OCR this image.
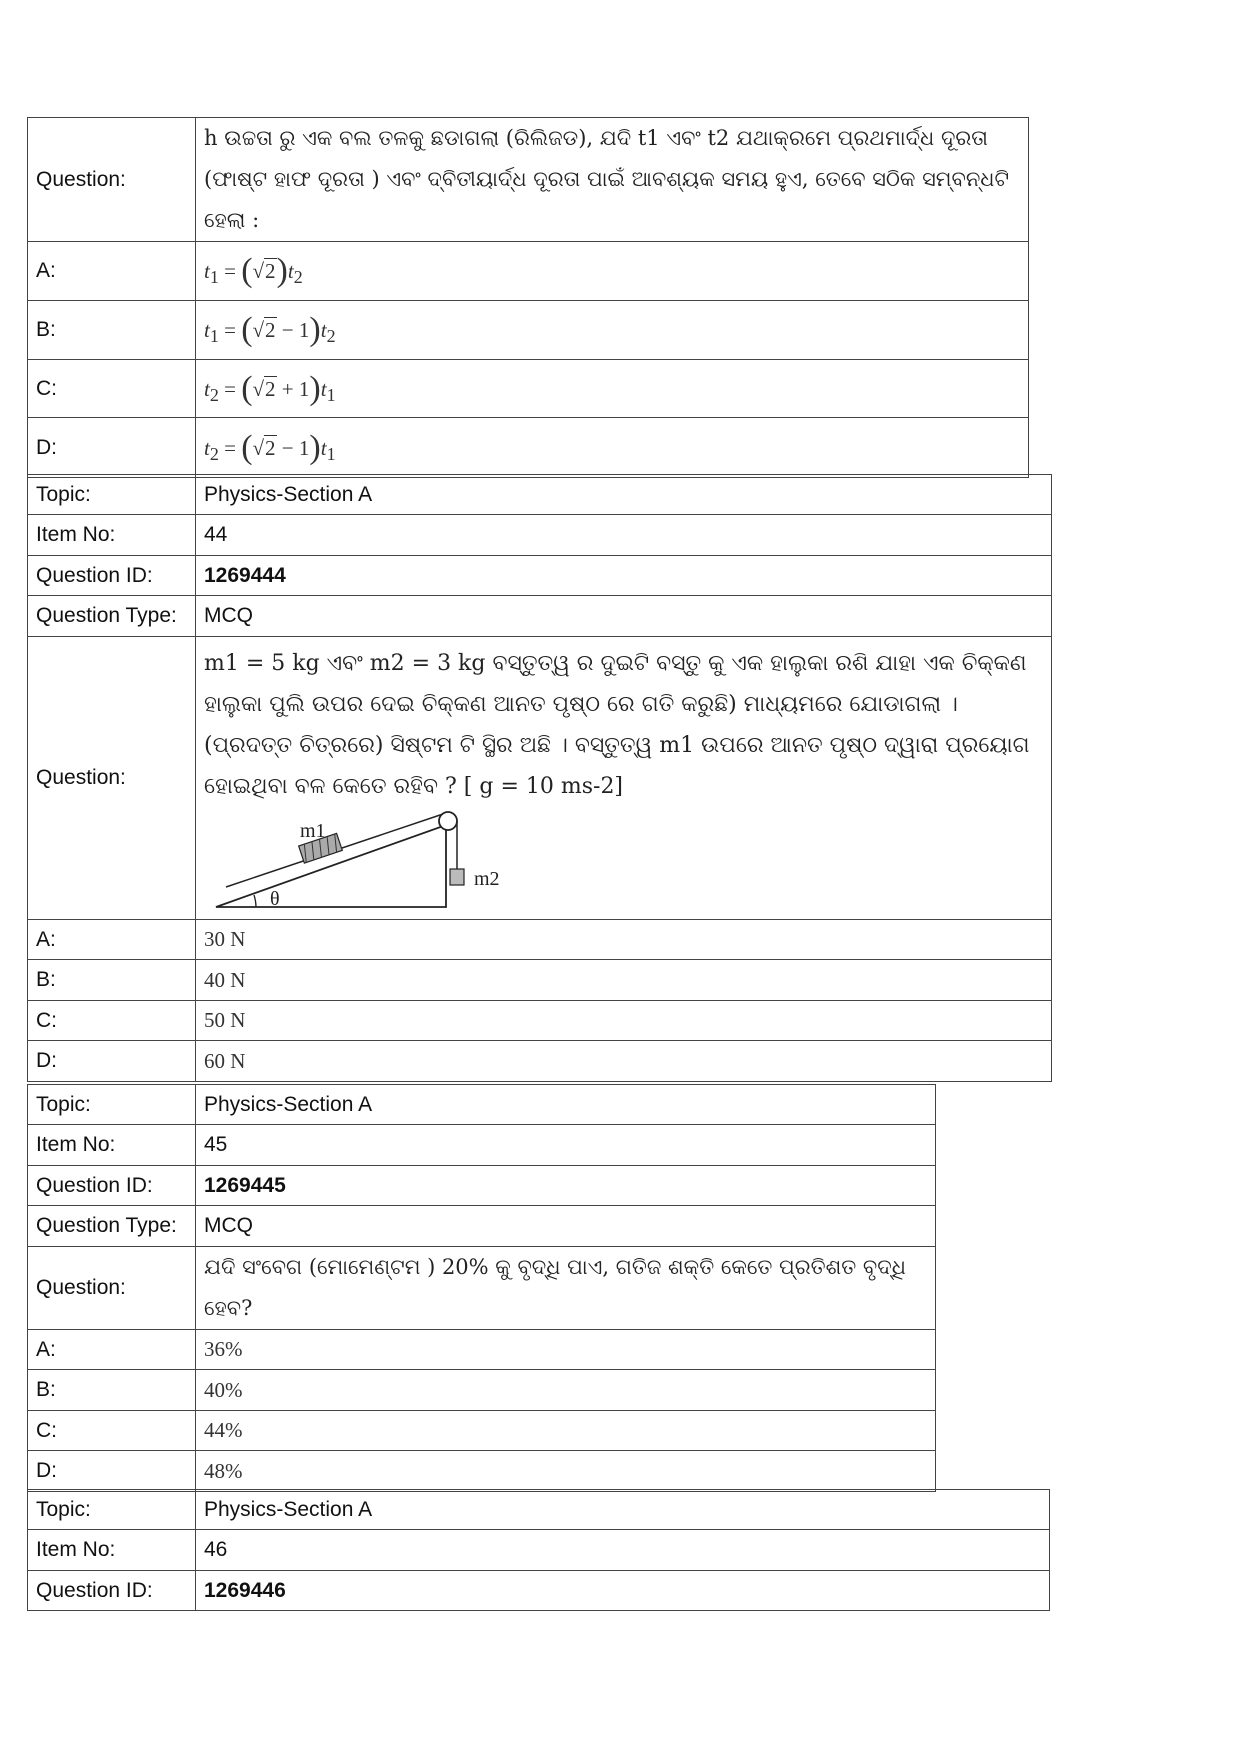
Question:	h ଉଚ୍ଚତା ରୁ ଏକ ବଲ ତଳକୁ ଛଡାଗଲା (ରିଲିଜଡ), ଯଦି t1 ଏବଂ t2 ଯଥାକ୍ରମେ ପ୍ରଥମାର୍ଦ୍ଧ ଦୂରତା (ଫାଷ୍ଟ ହାଫ ଦୂରତା ) ଏବଂ ଦ୍ବିତୀୟାର୍ଦ୍ଧ ଦୂରତା ପାଇଁ ଆବଶ୍ୟକ ସମୟ ହୁଏ, ତେବେ ସଠିକ ସମ୍ବନ୍ଧଟି ହେଲା :
A:	$t_1 = (√2)t_2$
B:	$t_1 = (√2 - 1)t_2$
C:	$t_2 = (√2 + 1)t_1$
D:	$t_2 = (√2 - 1)t_1$
Topic:	Physics-Section A
Item No:	44
Question ID:	1269444
Question Type:	MCQ
Question:	m1 = 5 kg ଏବଂ m2 = 3 kg ବସ୍ତୁତ୍ୱ ର ଦୁଇଟି ବସ୍ତୁ କୁ ଏକ ହାଲୁକା ରଶି ଯାହା ଏକ ଚିକ୍କଣ ହାଲୁକା ପୁଲି ଉପର ଦେଇ ଚିକ୍କଣ ଆନତ ପୃଷ୍ଠ ରେ ଗତି କରୁଛି) ମାଧ୍ୟମରେ ଯୋଡାଗଲା ।(ପ୍ରଦତ୍ତ ଚିତ୍ରରେ) ସିଷ୍ଟମ ଟି ସ୍ଥିର ଅଛି । ବସ୍ତୁତ୍ୱ m1 ଉପରେ ଆନତ ପୃଷ୍ଠ ଦ୍ୱାରା ପ୍ରୟୋଗ ହୋଇଥିବା ବଳ କେତେ ରହିବ ? [ g = 10 ms-2]
θ
m1
m2

A:	30 N
B:	40 N
C:	50 N
D:	60 N
Topic:	Physics-Section A
Item No:	45
Question ID:	1269445
Question Type:	MCQ
Question:	ଯଦି ସଂବେଗ (ମୋମେଣ୍ଟମ ) 20% କୁ ବୃଦ୍ଧି ପାଏ, ଗତିଜ ଶକ୍ତି କେତେ ପ୍ରତିଶତ ବୃଦ୍ଧି ହେବ?
A:	36%
B:	40%
C:	44%
D:	48%
Topic:	Physics-Section A
Item No:	46
Question ID:	1269446
